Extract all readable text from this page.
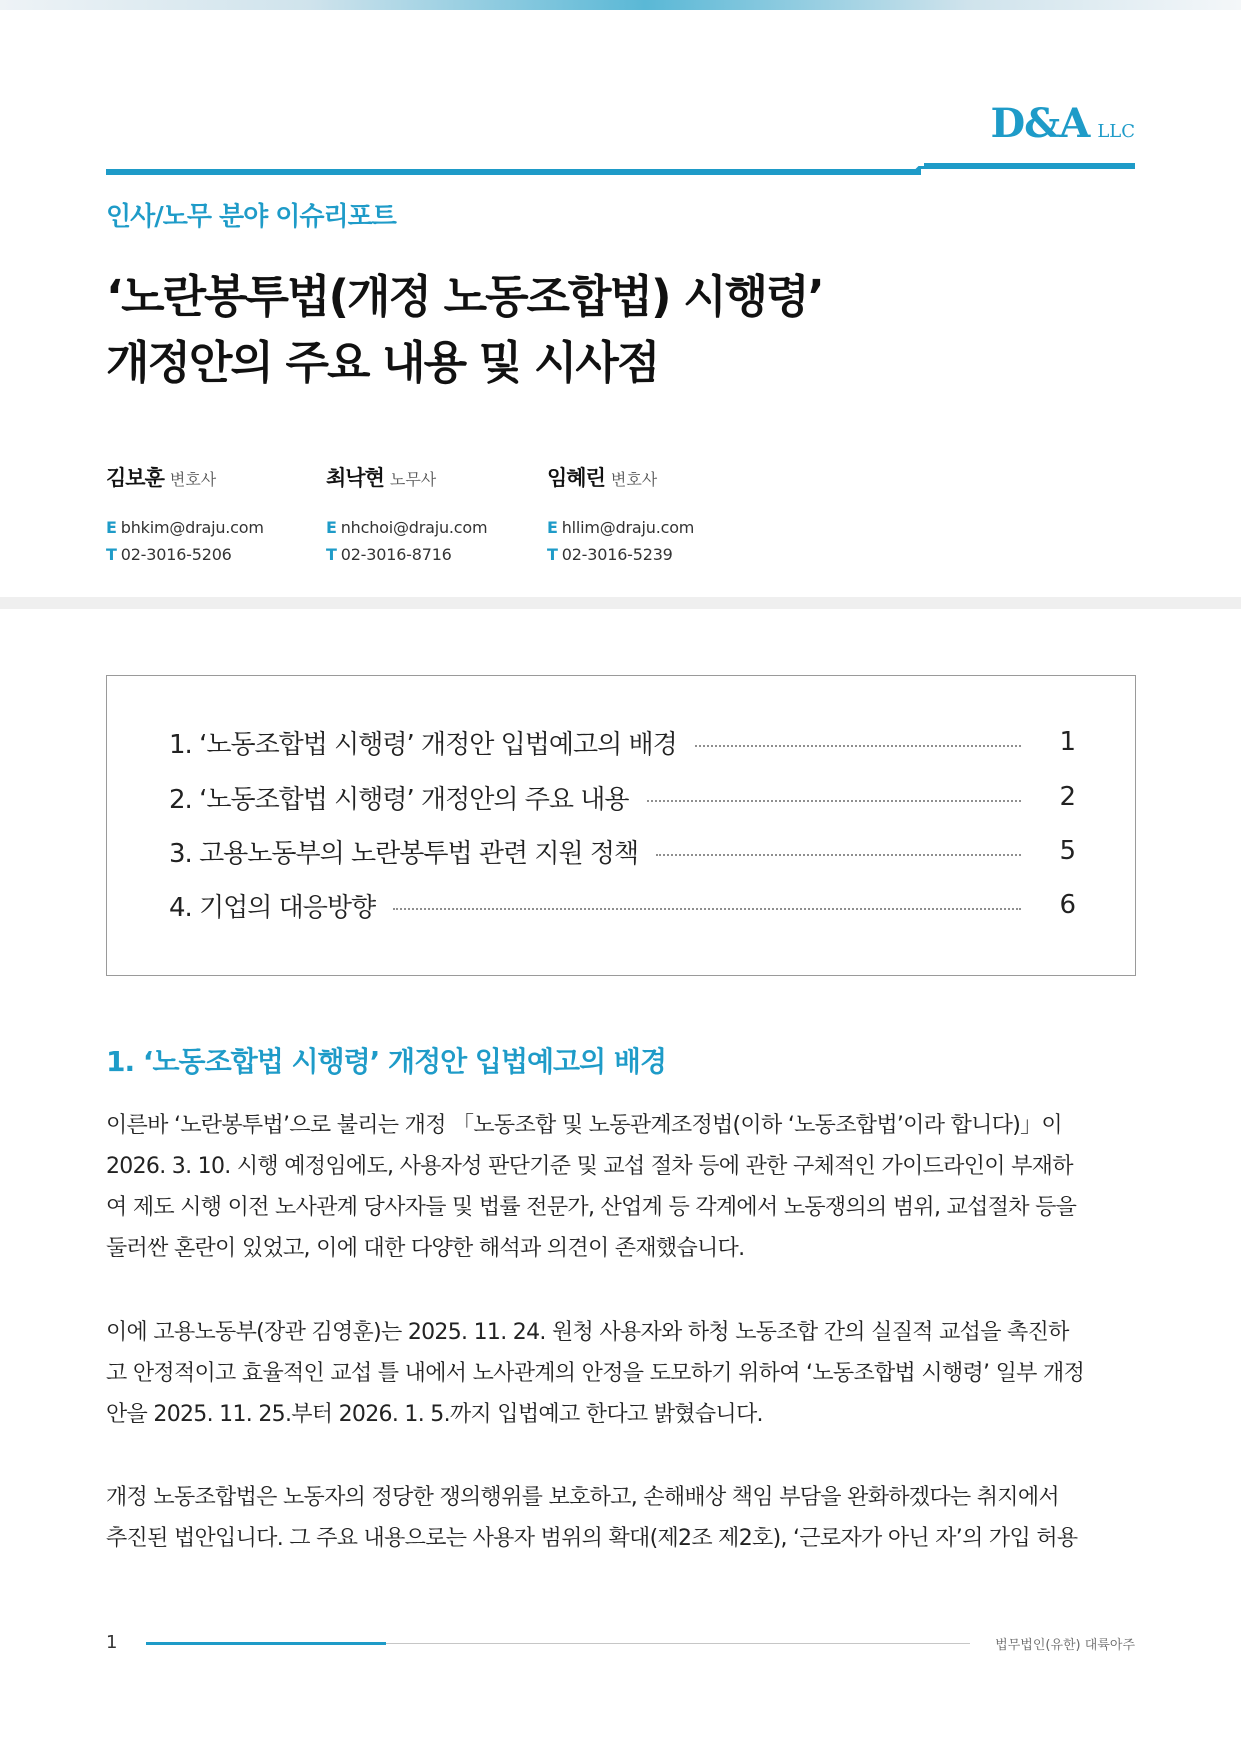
D&A LLC
인사/노무 분야 이슈리포트
‘노란봉투법(개정 노동조합법) 시행령’
개정안의 주요 내용 및 시사점
김보훈 변호사
E bhkim@draju.com
T 02-3016-5206
최낙현 노무사
E nhchoi@draju.com
T 02-3016-8716
임혜린 변호사
E hllim@draju.com
T 02-3016-5239
1. ‘노동조합법 시행령’ 개정안 입법예고의 배경	1
2. ‘노동조합법 시행령’ 개정안의 주요 내용	2
3. 고용노동부의 노란봉투법 관련 지원 정책	5
4. 기업의 대응방향	6
1. ‘노동조합법 시행령’ 개정안 입법예고의 배경
이른바 ‘노란봉투법’으로 불리는 개정 「노동조합 및 노동관계조정법(이하 ‘노동조합법’이라 합니다)」이
2026. 3. 10. 시행 예정임에도, 사용자성 판단기준 및 교섭 절차 등에 관한 구체적인 가이드라인이 부재하
여 제도 시행 이전 노사관계 당사자들 및 법률 전문가, 산업계 등 각계에서 노동쟁의의 범위, 교섭절차 등을
둘러싼 혼란이 있었고, 이에 대한 다양한 해석과 의견이 존재했습니다.
이에 고용노동부(장관 김영훈)는 2025. 11. 24. 원청 사용자와 하청 노동조합 간의 실질적 교섭을 촉진하
고 안정적이고 효율적인 교섭 틀 내에서 노사관계의 안정을 도모하기 위하여 ‘노동조합법 시행령’ 일부 개정
안을 2025. 11. 25.부터 2026. 1. 5.까지 입법예고 한다고 밝혔습니다.
개정 노동조합법은 노동자의 정당한 쟁의행위를 보호하고, 손해배상 책임 부담을 완화하겠다는 취지에서
추진된 법안입니다. 그 주요 내용으로는 사용자 범위의 확대(제2조 제2호), ‘근로자가 아닌 자’의 가입 허용
1	법무법인(유한) 대륙아주
